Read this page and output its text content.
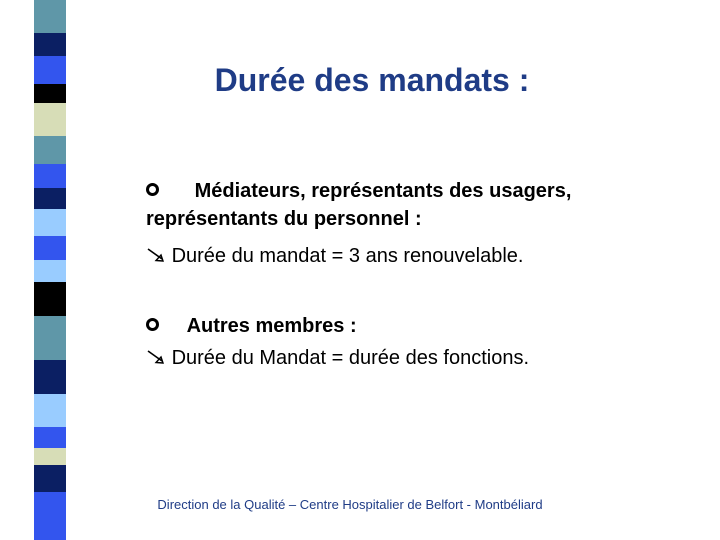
Durée des mandats :
Médiateurs, représentants des usagers,
représentants du personnel :
Durée du mandat = 3 ans renouvelable.
Autres membres :
Durée du Mandat = durée des fonctions.
Direction de la Qualité – Centre Hospitalier de Belfort - Montbéliard
